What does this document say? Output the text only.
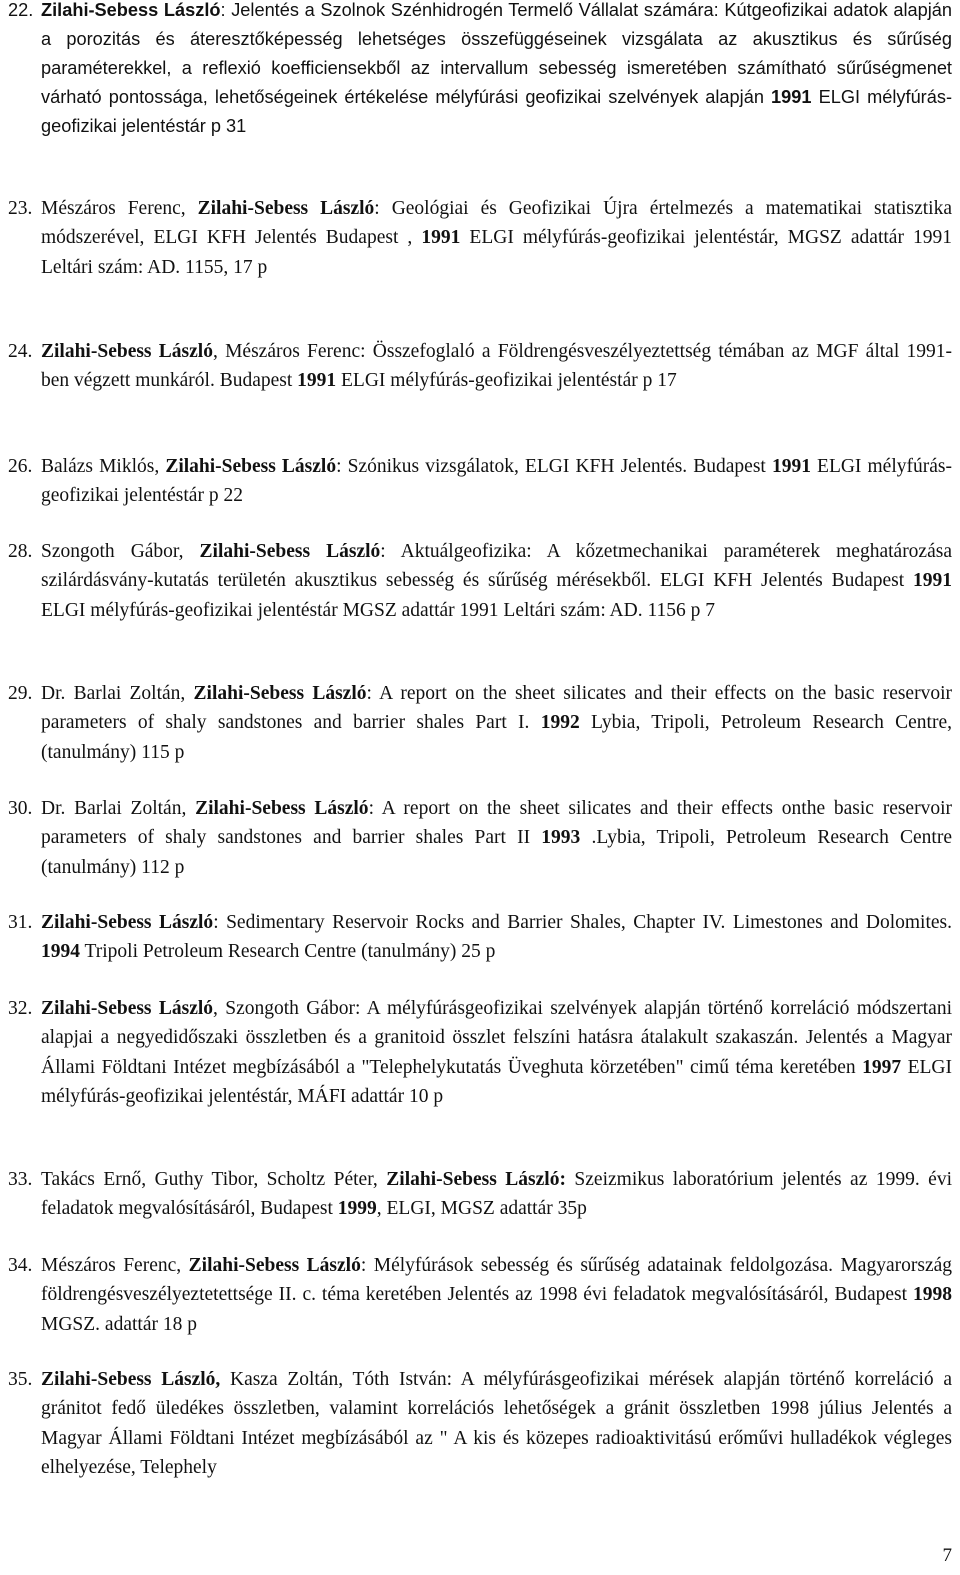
22. Zilahi-Sebess László: Jelentés a Szolnok Szénhidrogén Termelő Vállalat számára: Kútgeofizikai adatok alapján a porozitás és áteresztőképesség lehetséges összefüggéseinek vizsgálata az akusztikus és sűrűség paraméterekkel, a reflexió koefficiensekből az intervallum sebesség ismeretében számítható sűrűségmenet várható pontossága, lehetőségeinek értékelése mélyfúrási geofizikai szelvények alapján 1991 ELGI mélyfúrás-geofizikai jelentéstár p 31
23. Mészáros Ferenc, Zilahi-Sebess László: Geológiai és Geofizikai Újra értelmezés a matematikai statisztika módszerével, ELGI KFH Jelentés Budapest , 1991 ELGI mélyfúrás-geofizikai jelentéstár, MGSZ adattár 1991 Leltári szám: AD. 1155, 17 p
24. Zilahi-Sebess László, Mészáros Ferenc: Összefoglaló a Földrengésveszélyeztettség témában az MGF által 1991-ben végzett munkáról. Budapest 1991 ELGI mélyfúrás-geofizikai jelentéstár p 17
26. Balázs Miklós, Zilahi-Sebess László: Szónikus vizsgálatok, ELGI KFH Jelentés. Budapest 1991 ELGI mélyfúrás-geofizikai jelentéstár p 22
28. Szongoth Gábor, Zilahi-Sebess László: Aktuálgeofizika: A kőzetmechanikai paraméterek meghatározása szilárdásvány-kutatás területén akusztikus sebesség és sűrűség mérésekből. ELGI KFH Jelentés Budapest 1991 ELGI mélyfúrás-geofizikai jelentéstár MGSZ adattár 1991 Leltári szám: AD. 1156 p 7
29. Dr. Barlai Zoltán, Zilahi-Sebess László: A report on the sheet silicates and their effects on the basic reservoir parameters of shaly sandstones and barrier shales Part I. 1992 Lybia, Tripoli, Petroleum Research Centre, (tanulmány) 115 p
30. Dr. Barlai Zoltán, Zilahi-Sebess László: A report on the sheet silicates and their effects onthe basic reservoir parameters of shaly sandstones and barrier shales Part II 1993 .Lybia, Tripoli, Petroleum Research Centre (tanulmány) 112 p
31. Zilahi-Sebess László: Sedimentary Reservoir Rocks and Barrier Shales, Chapter IV. Limestones and Dolomites. 1994 Tripoli Petroleum Research Centre (tanulmány) 25 p
32. Zilahi-Sebess László, Szongoth Gábor: A mélyfúrásgeofizikai szelvények alapján történő korreláció módszertani alapjai a negyedidőszaki összletben és a granitoid összlet felszíni hatásra átalakult szakaszán. Jelentés a Magyar Állami Földtani Intézet megbízásából a "Telephelykutatás Üveghuta körzetében" cimű téma keretében 1997 ELGI mélyfúrás-geofizikai jelentéstár, MÁFI adattár 10 p
33. Takács Ernő, Guthy Tibor, Scholtz Péter, Zilahi-Sebess László: Szeizmikus laboratórium jelentés az 1999. évi feladatok megvalósításáról, Budapest 1999, ELGI, MGSZ adattár 35p
34. Mészáros Ferenc, Zilahi-Sebess László: Mélyfúrások sebesség és sűrűség adatainak feldolgozása. Magyarország földrengésveszélyeztetettsége II. c. téma keretében Jelentés az 1998 évi feladatok megvalósításáról, Budapest 1998 MGSZ. adattár 18 p
35. Zilahi-Sebess László, Kasza Zoltán, Tóth István: A mélyfúrásgeofizikai mérések alapján történő korreláció a gránitot fedő üledékes összletben, valamint korrelációs lehetőségek a gránit összletben 1998 július Jelentés a Magyar Állami Földtani Intézet megbízásából az " A kis és közepes radioaktivitású erőművi hulladékok végleges elhelyezése, Telephely
7
